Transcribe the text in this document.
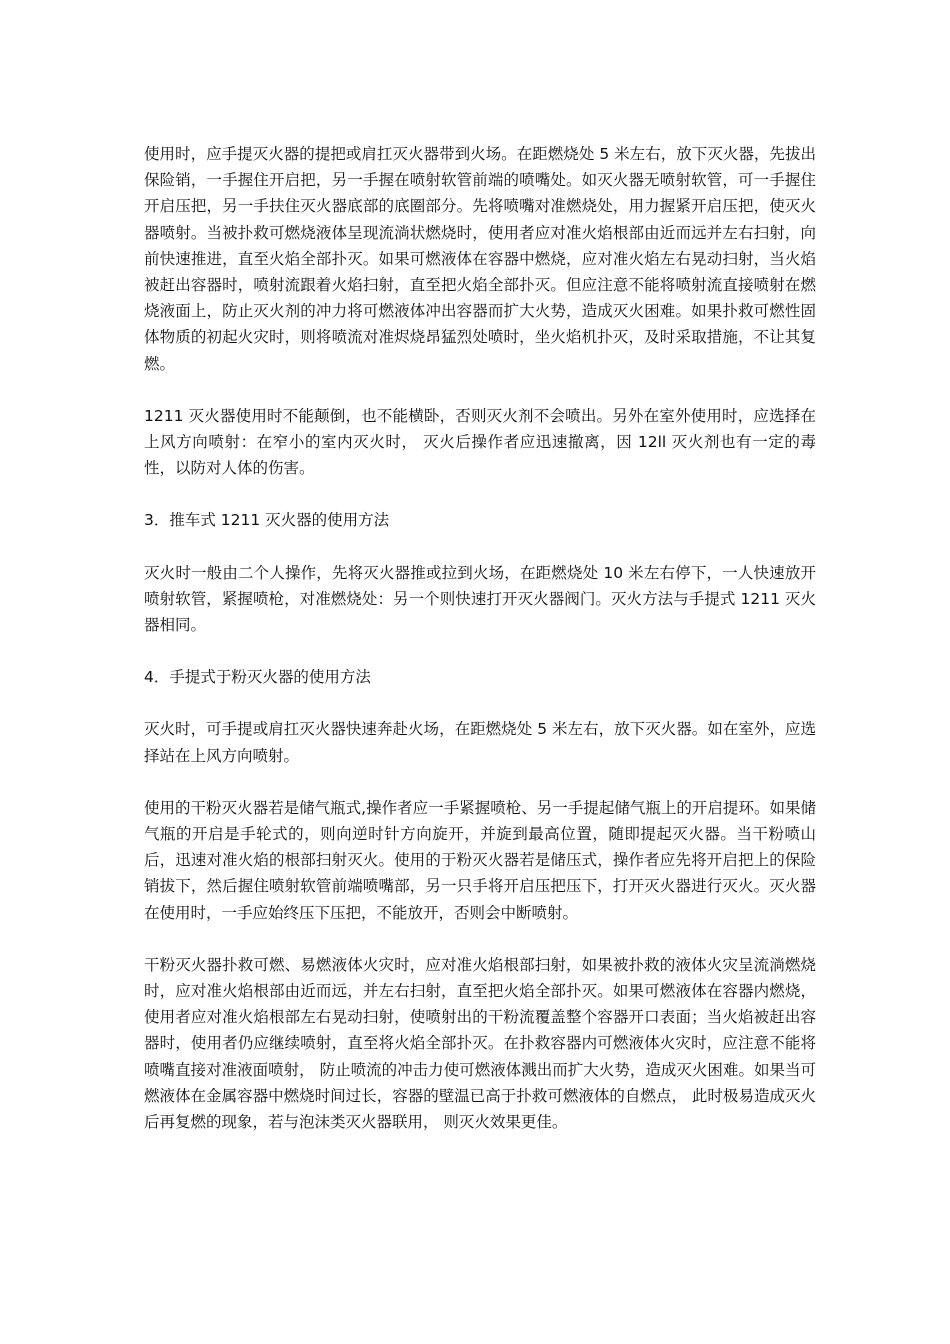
使用时，应手提灭火器的提把或肩扛灭火器带到火场。在距燃烧处 5 米左右，放下灭火器，先拔出保险销，一手握住开启把，另一手握在喷射软管前端的喷嘴处。如灭火器无喷射软管，可一手握住开启压把，另一手扶住灭火器底部的底圈部分。先将喷嘴对准燃烧处，用力握紧开启压把，使灭火器喷射。当被扑救可燃烧液体呈现流淌状燃烧时，使用者应对准火焰根部由近而远并左右扫射，向前快速推进，直至火焰全部扑灭。如果可燃液体在容器中燃烧，应对准火焰左右晃动扫射，当火焰被赶出容器时，喷射流跟着火焰扫射，直至把火焰全部扑灭。但应注意不能将喷射流直接喷射在燃烧液面上，防止灭火剂的冲力将可燃液体冲出容器而扩大火势，造成灭火困难。如果扑救可燃性固体物质的初起火灾时，则将喷流对准烬烧昂猛烈处喷时，坐火焰机扑灭，及时采取措施，不让其复燃。

1211 灭火器使用时不能颠倒，也不能横卧，否则灭火剂不会喷出。另外在室外使用时，应选择在上风方向喷射：在窄小的室内灭火时， 灭火后操作者应迅速撤离，因 12ll 灭火剂也有一定的毒性，以防对人体的伤害。

3．推车式 1211 灭火器的使用方法

灭火时一般由二个人操作，先将灭火器推或拉到火场，在距燃烧处 10 米左右停下，一人快速放开喷射软管，紧握喷枪，对准燃烧处：另一个则快速打开灭火器阀门。灭火方法与手提式 1211 灭火器相同。

4．手提式于粉灭火器的使用方法

灭火时，可手提或肩扛灭火器快速奔赴火场，在距燃烧处 5 米左右，放下灭火器。如在室外，应选择站在上风方向喷射。

使用的干粉灭火器若是储气瓶式,操作者应一手紧握喷枪、另一手提起储气瓶上的开启提环。如果储气瓶的开启是手轮式的，则向逆时针方向旋开，并旋到最高位置，随即提起灭火器。当干粉喷山后，迅速对准火焰的根部扫射灭火。使用的于粉灭火器若是储压式，操作者应先将开启把上的保险销拔下，然后握住喷射软管前端喷嘴部，另一只手将开启压把压下，打开灭火器进行灭火。灭火器在使用时，一手应始终压下压把，不能放开，否则会中断喷射。

干粉灭火器扑救可燃、易燃液体火灾时，应对准火焰根部扫射，如果被扑救的液体火灾呈流淌燃烧时，应对准火焰根部由近而远，并左右扫射，直至把火焰全部扑灭。如果可燃液体在容器内燃烧，使用者应对准火焰根部左右晃动扫射，使喷射出的干粉流覆盖整个容器开口表面；当火焰被赶出容器时，使用者仍应继续喷射，直至将火焰全部扑灭。在扑救容器内可燃液体火灾时，应注意不能将喷嘴直接对准液面喷射， 防止喷流的冲击力使可燃液体溅出而扩大火势，造成灭火困难。如果当可燃液体在金属容器中燃烧时间过长，容器的壁温已高于扑救可燃液体的自燃点， 此时极易造成灭火后再复燃的现象，若与泡沫类灭火器联用， 则灭火效果更佳。
